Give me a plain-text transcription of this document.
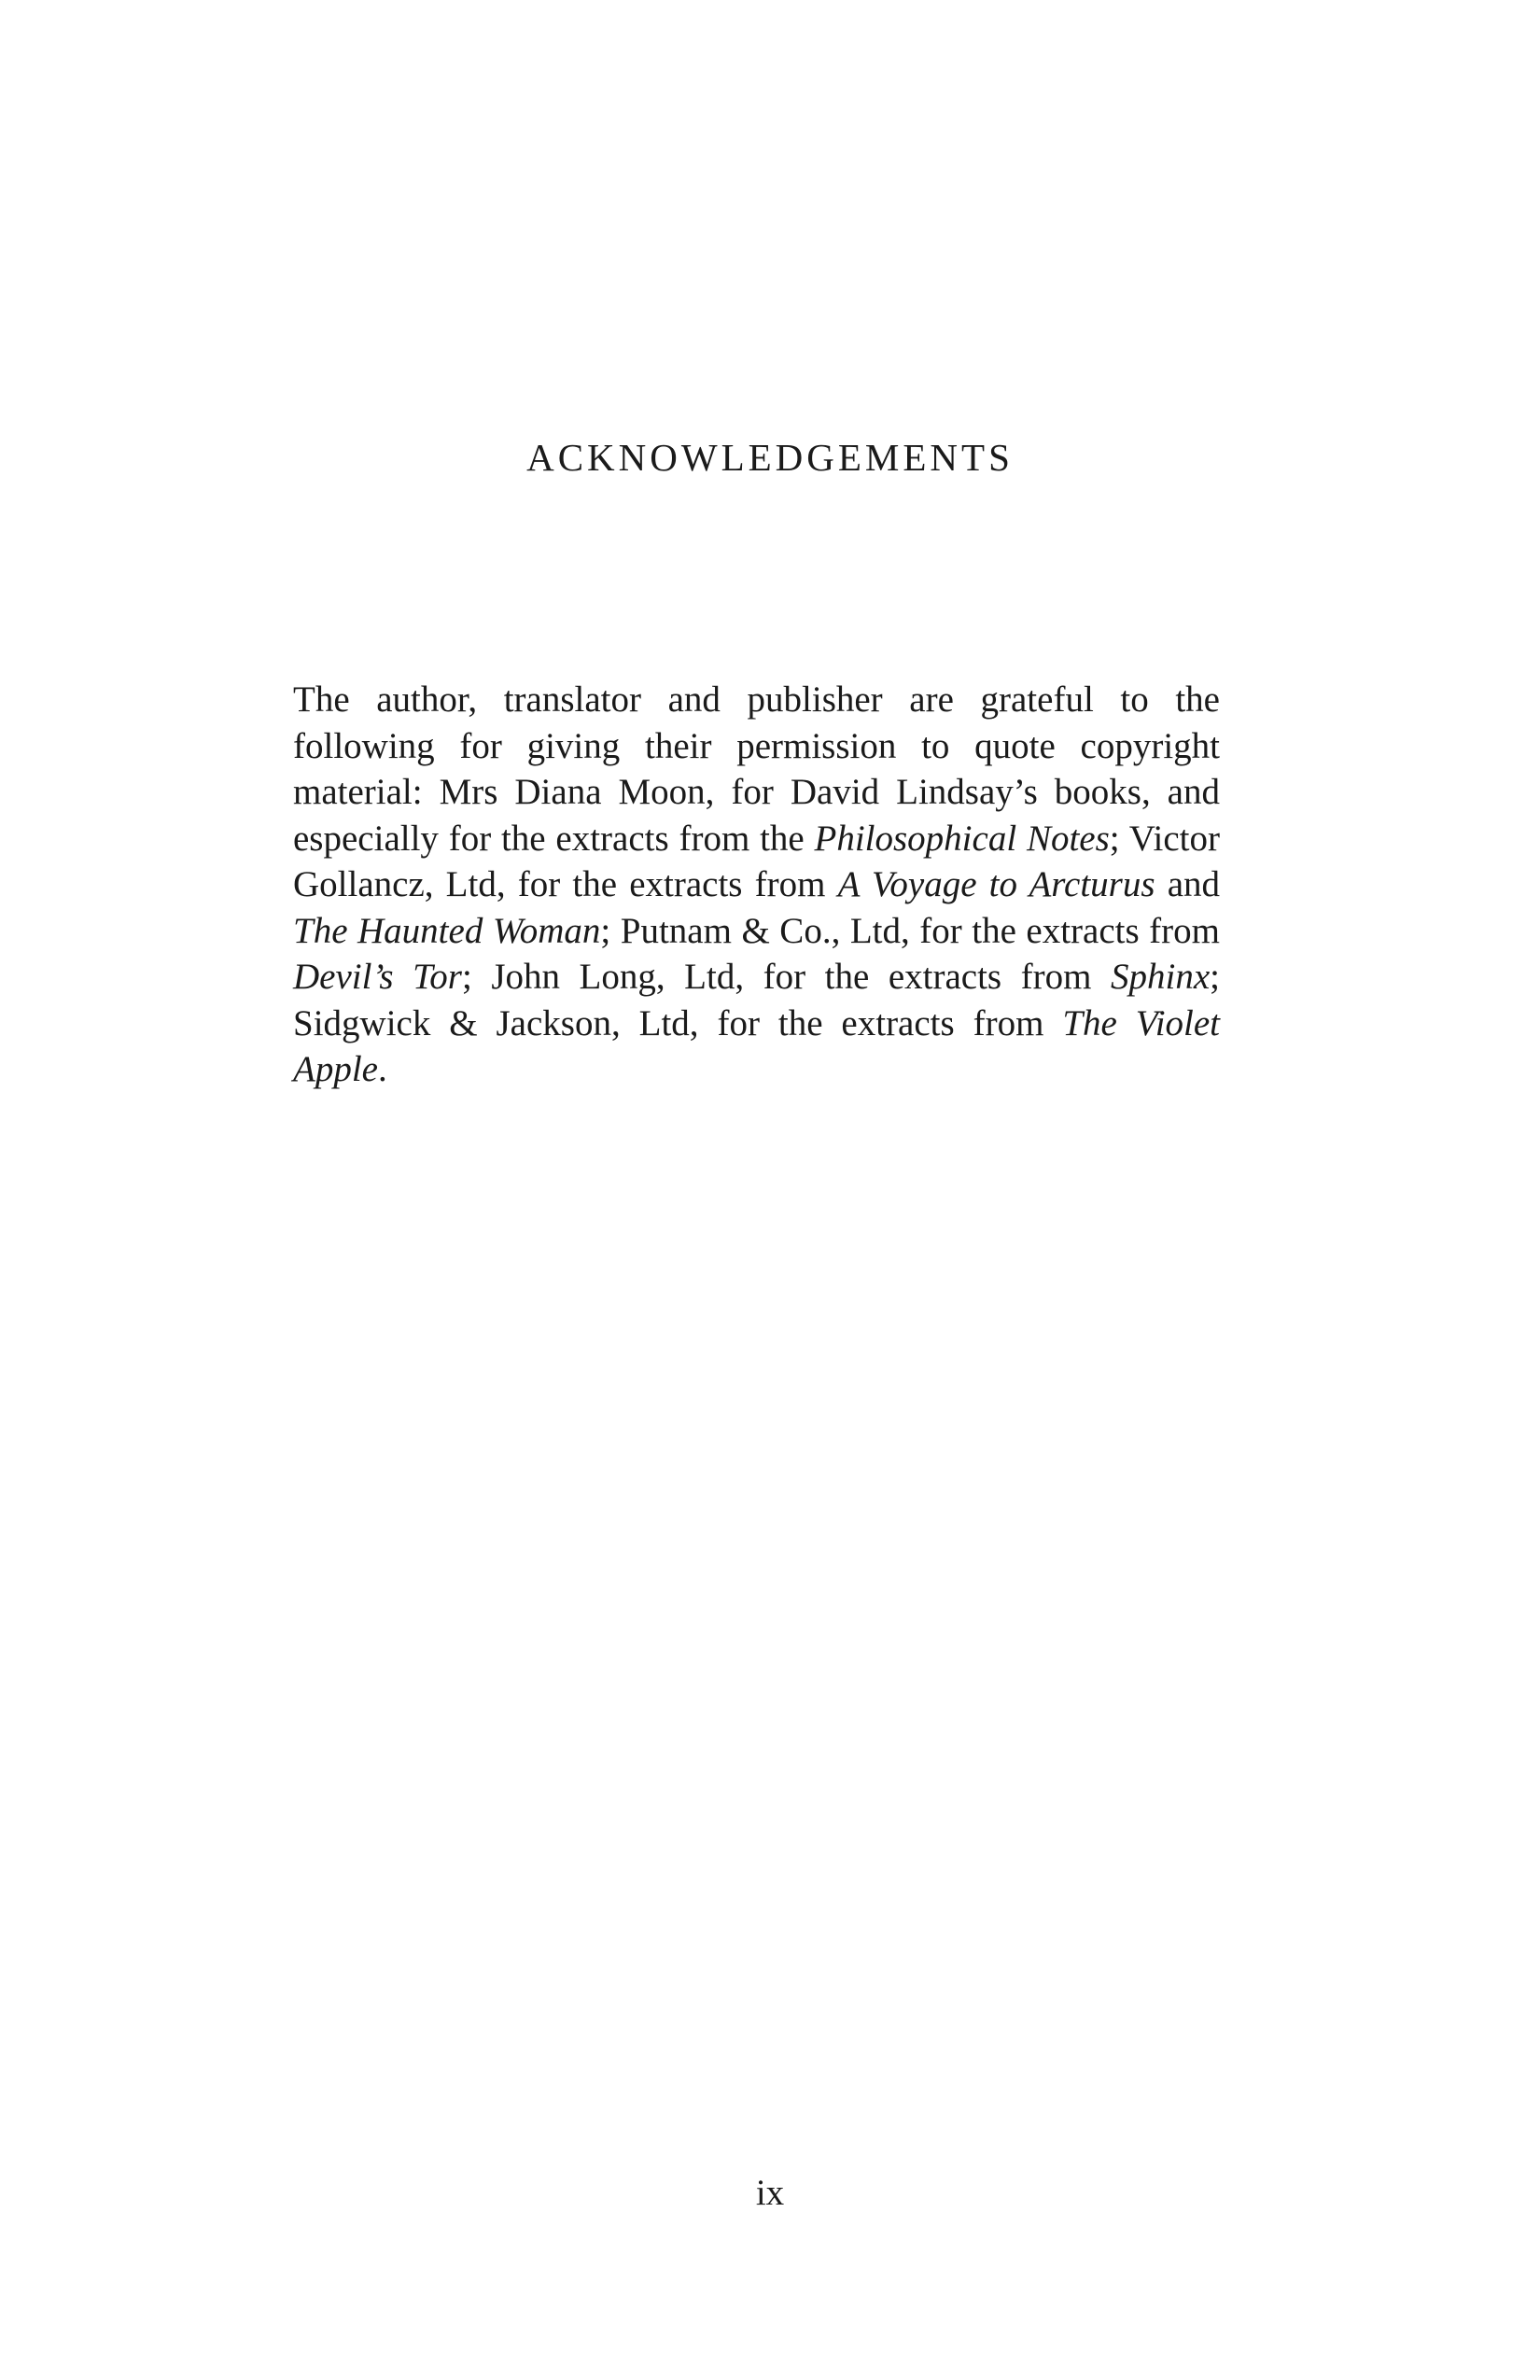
ACKNOWLEDGEMENTS

The author, translator and publisher are grateful to the following for giving their permission to quote copyright material: Mrs Diana Moon, for David Lindsay’s books, and especially for the extracts from the Philosophical Notes; Victor Gollancz, Ltd, for the extracts from A Voyage to Arcturus and The Haunted Woman; Putnam & Co., Ltd, for the extracts from Devil’s Tor; John Long, Ltd, for the extracts from Sphinx; Sidgwick & Jackson, Ltd, for the extracts from The Violet Apple.

ix
